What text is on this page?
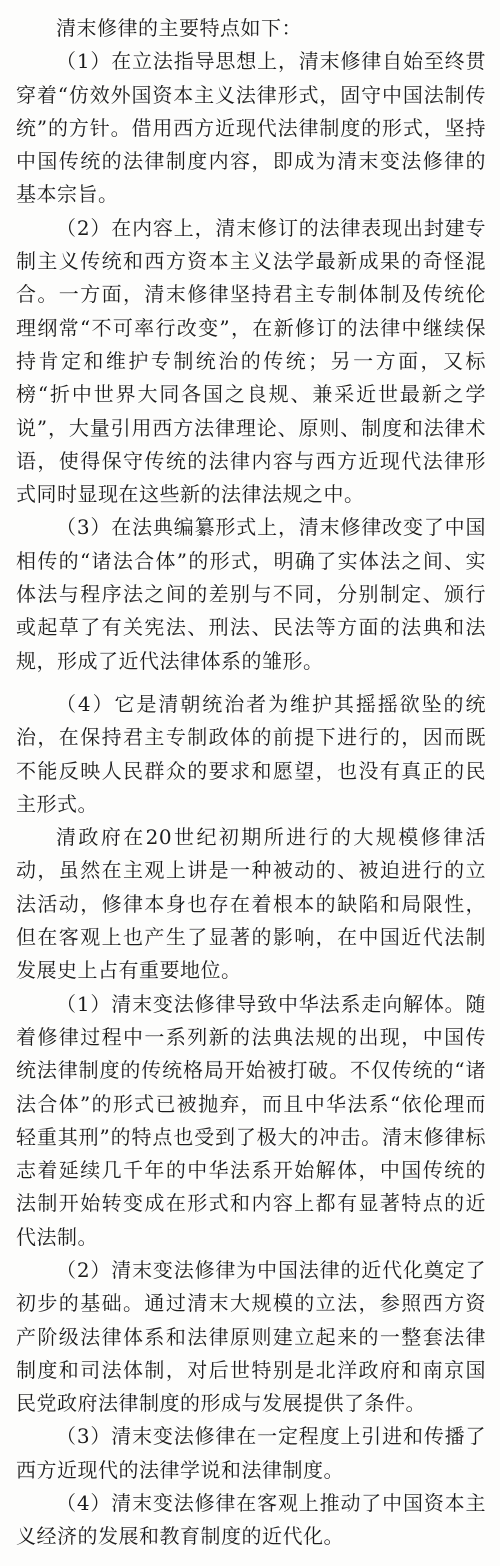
清末修律的主要特点如下：

（1）在立法指导思想上，清末修律自始至终贯穿着“仿效外国资本主义法律形式，固守中国法制传统”的方针。借用西方近现代法律制度的形式，坚持中国传统的法律制度内容，即成为清末变法修律的基本宗旨。

（2）在内容上，清末修订的法律表现出封建专制主义传统和西方资本主义法学最新成果的奇怪混合。一方面，清末修律坚持君主专制体制及传统伦理纲常“不可率行改变”，在新修订的法律中继续保持肯定和维护专制统治的传统；另一方面，又标榜“折中世界大同各国之良规、兼采近世最新之学说”，大量引用西方法律理论、原则、制度和法律术语，使得保守传统的法律内容与西方近现代法律形式同时显现在这些新的法律法规之中。

（3）在法典编纂形式上，清末修律改变了中国相传的“诸法合体”的形式，明确了实体法之间、实体法与程序法之间的差别与不同，分别制定、颁行或起草了有关宪法、刑法、民法等方面的法典和法规，形成了近代法律体系的雏形。

（4）它是清朝统治者为维护其摇摇欲坠的统治，在保持君主专制政体的前提下进行的，因而既不能反映人民群众的要求和愿望，也没有真正的民主形式。

清政府在20世纪初期所进行的大规模修律活动，虽然在主观上讲是一种被动的、被迫进行的立法活动，修律本身也存在着根本的缺陷和局限性，但在客观上也产生了显著的影响，在中国近代法制发展史上占有重要地位。

（1）清末变法修律导致中华法系走向解体。随着修律过程中一系列新的法典法规的出现，中国传统法律制度的传统格局开始被打破。不仅传统的“诸法合体”的形式已被抛弃，而且中华法系“依伦理而轻重其刑”的特点也受到了极大的冲击。清末修律标志着延续几千年的中华法系开始解体，中国传统的法制开始转变成在形式和内容上都有显著特点的近代法制。

（2）清末变法修律为中国法律的近代化奠定了初步的基础。通过清末大规模的立法，参照西方资产阶级法律体系和法律原则建立起来的一整套法律制度和司法体制，对后世特别是北洋政府和南京国民党政府法律制度的形成与发展提供了条件。

（3）清末变法修律在一定程度上引进和传播了西方近现代的法律学说和法律制度。

（4）清末变法修律在客观上推动了中国资本主义经济的发展和教育制度的近代化。
